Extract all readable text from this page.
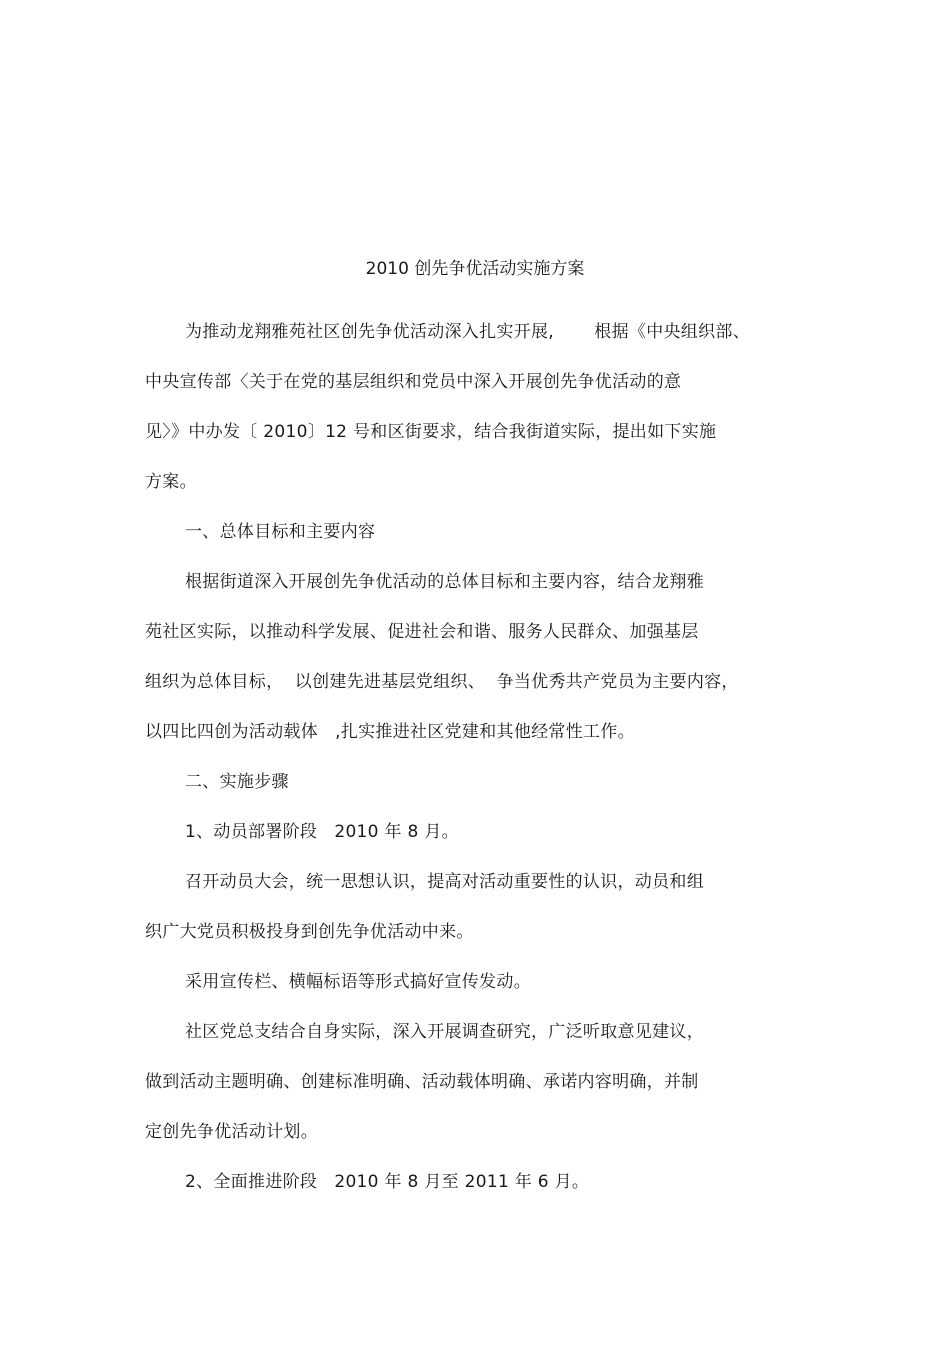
2010 创先争优活动实施方案
为推动龙翔雅苑社区创先争优活动深入扎实开展,　　 根据《中央组织部、
中央宣传部〈关于在党的基层组织和党员中深入开展创先争优活动的意
见〉》中办发〔 2010〕12 号和区街要求，结合我街道实际，提出如下实施
方案。
一、总体目标和主要内容
根据街道深入开展创先争优活动的总体目标和主要内容，结合龙翔雅
苑社区实际，以推动科学发展、促进社会和谐、服务人民群众、加强基层
组织为总体目标，  以创建先进基层党组织、  争当优秀共产党员为主要内容，
以四比四创为活动载体   ,扎实推进社区党建和其他经常性工作。
二、实施步骤
1、动员部署阶段   2010 年 8 月。
召开动员大会，统一思想认识，提高对活动重要性的认识，动员和组
织广大党员积极投身到创先争优活动中来。
采用宣传栏、横幅标语等形式搞好宣传发动。
社区党总支结合自身实际，深入开展调查研究，广泛听取意见建议，
做到活动主题明确、创建标准明确、活动载体明确、承诺内容明确，并制
定创先争优活动计划。
2、全面推进阶段   2010 年 8 月至 2011 年 6 月。
